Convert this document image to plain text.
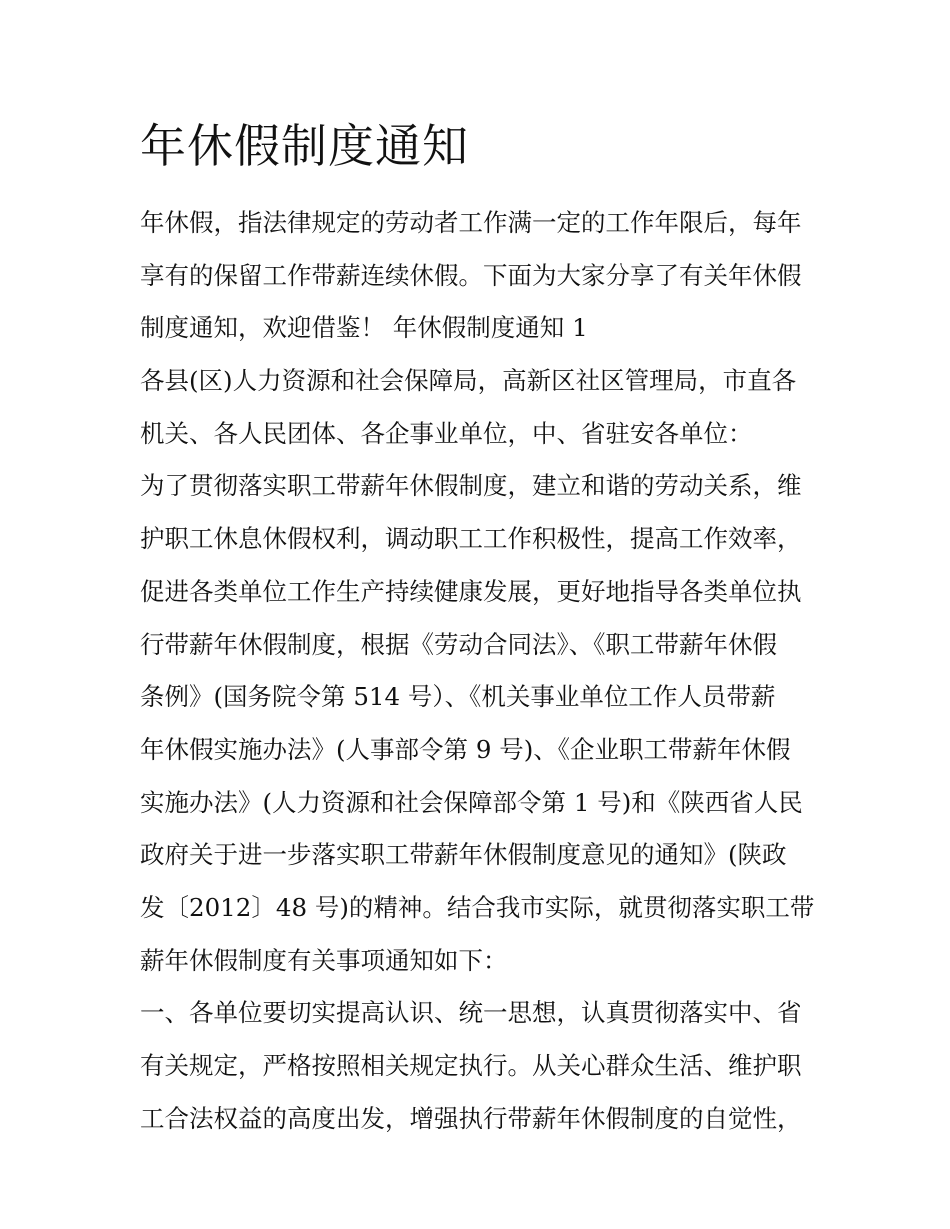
年休假制度通知

年休假，指法律规定的劳动者工作满一定的工作年限后，每年

享有的保留工作带薪连续休假。下面为大家分享了有关年休假

制度通知，欢迎借鉴！ 年休假制度通知 1

各县(区)人力资源和社会保障局，高新区社区管理局，市直各

机关、各人民团体、各企事业单位，中、省驻安各单位：

为了贯彻落实职工带薪年休假制度，建立和谐的劳动关系，维

护职工休息休假权利，调动职工工作积极性，提高工作效率，

促进各类单位工作生产持续健康发展，更好地指导各类单位执

行带薪年休假制度，根据《劳动合同法》、《职工带薪年休假

条例》(国务院令第 514 号）、《机关事业单位工作人员带薪

年休假实施办法》(人事部令第 9 号)、《企业职工带薪年休假

实施办法》(人力资源和社会保障部令第 1 号)和《陕西省人民

政府关于进一步落实职工带薪年休假制度意见的通知》(陕政

发〔2012〕48 号)的精神。结合我市实际，就贯彻落实职工带

薪年休假制度有关事项通知如下：

一、各单位要切实提高认识、统一思想，认真贯彻落实中、省

有关规定，严格按照相关规定执行。从关心群众生活、维护职

工合法权益的高度出发，增强执行带薪年休假制度的自觉性，
